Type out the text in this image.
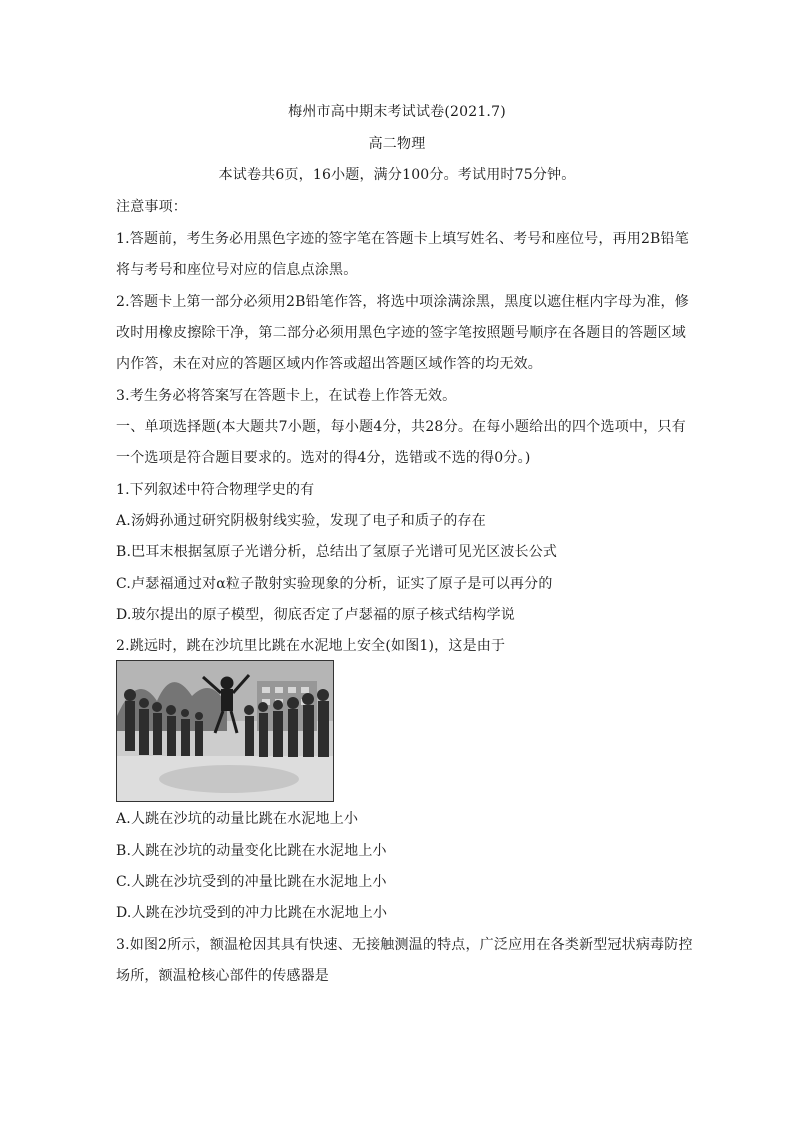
梅州市高中期末考试试卷(2021.7)
高二物理
本试卷共6页，16小题，满分100分。考试用时75分钟。
注意事项：
1.答题前，考生务必用黑色字迹的签字笔在答题卡上填写姓名、考号和座位号，再用2B铅笔
将与考号和座位号对应的信息点涂黑。
2.答题卡上第一部分必须用2B铅笔作答，将选中项涂满涂黑，黑度以遮住框内字母为准，修
改时用橡皮擦除干净，第二部分必须用黑色字迹的签字笔按照题号顺序在各题目的答题区域
内作答，未在对应的答题区域内作答或超出答题区域作答的均无效。
3.考生务必将答案写在答题卡上，在试卷上作答无效。
一、单项选择题(本大题共7小题，每小题4分，共28分。在每小题给出的四个选项中，只有
一个选项是符合题目要求的。选对的得4分，选错或不选的得0分。)
1.下列叙述中符合物理学史的有
A.汤姆孙通过研究阴极射线实验，发现了电子和质子的存在
B.巴耳末根据氢原子光谱分析，总结出了氢原子光谱可见光区波长公式
C.卢瑟福通过对α粒子散射实验现象的分析，证实了原子是可以再分的
D.玻尔提出的原子模型，彻底否定了卢瑟福的原子核式结构学说
2.跳远时，跳在沙坑里比跳在水泥地上安全(如图1)，这是由于
A.人跳在沙坑的动量比跳在水泥地上小
B.人跳在沙坑的动量变化比跳在水泥地上小
C.人跳在沙坑受到的冲量比跳在水泥地上小
D.人跳在沙坑受到的冲力比跳在水泥地上小
3.如图2所示，额温枪因其具有快速、无接触测温的特点，广泛应用在各类新型冠状病毒防控
场所，额温枪核心部件的传感器是
